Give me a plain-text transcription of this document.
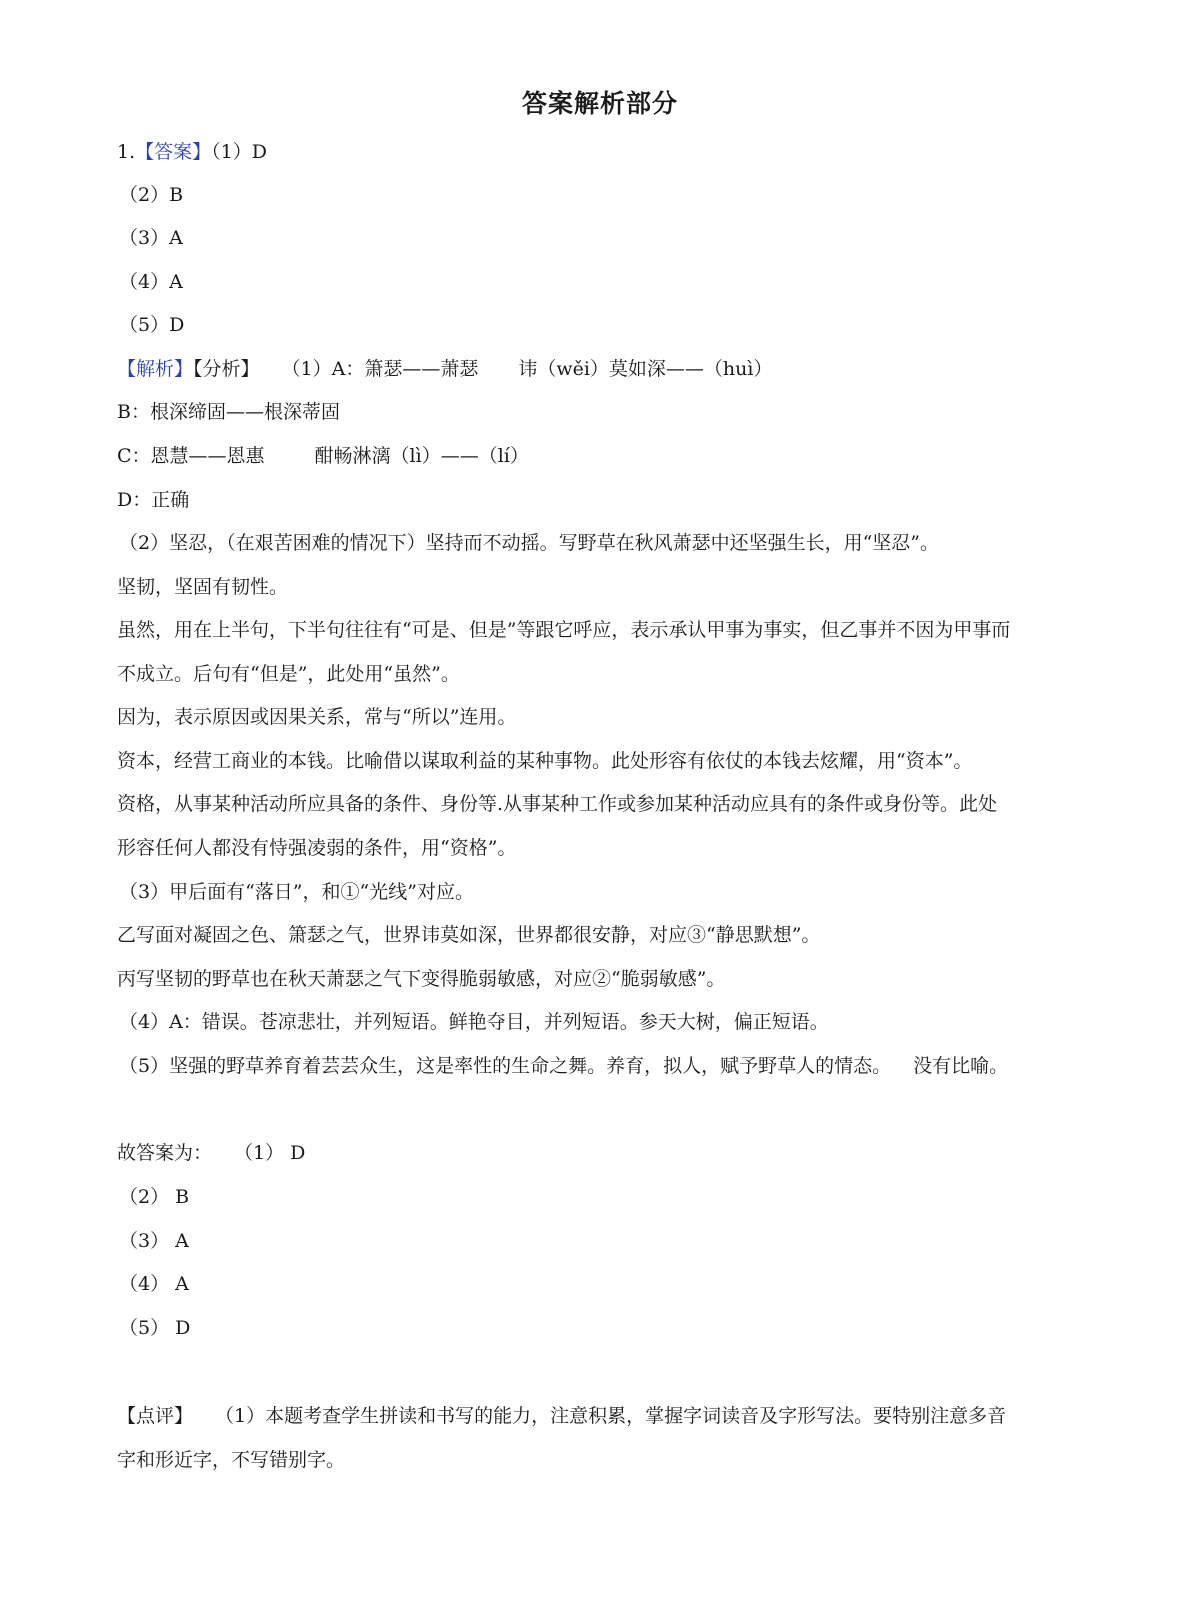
答案解析部分
1.【答案】（1）D
（2）B
（3）A
（4）A
（5）D
【解析】【分析】 （1）A：箫瑟——萧瑟 讳（wěi）莫如深——（huì）
B：根深缔固——根深蒂固
C：恩慧——恩惠	酣畅淋漓（lì）——（lí）
D：正确
（2）坚忍，（在艰苦困难的情况下）坚持而不动摇。写野草在秋风萧瑟中还坚强生长，用“坚忍”。
坚韧，坚固有韧性。
虽然，用在上半句，下半句往往有“可是、但是”等跟它呼应，表示承认甲事为事实，但乙事并不因为甲事而
不成立。后句有“但是”，此处用“虽然”。
因为，表示原因或因果关系，常与“所以”连用。
资本，经营工商业的本钱。比喻借以谋取利益的某种事物。此处形容有依仗的本钱去炫耀，用“资本”。
资格，从事某种活动所应具备的条件、身份等.从事某种工作或参加某种活动应具有的条件或身份等。此处
形容任何人都没有恃强凌弱的条件，用“资格”。
（3）甲后面有“落日”，和①“光线”对应。
乙写面对凝固之色、箫瑟之气，世界讳莫如深，世界都很安静，对应③“静思默想”。
丙写坚韧的野草也在秋天萧瑟之气下变得脆弱敏感，对应②“脆弱敏感”。
（4）A：错误。苍凉悲壮，并列短语。鲜艳夺目，并列短语。参天大树，偏正短语。
（5）坚强的野草养育着芸芸众生，这是率性的生命之舞。养育，拟人，赋予野草人的情态。 没有比喻。
故答案为： （1） D
（2） B
（3） A
（4） A
（5） D
【点评】 （1）本题考查学生拼读和书写的能力，注意积累，掌握字词读音及字形写法。要特别注意多音
字和形近字，不写错别字。
